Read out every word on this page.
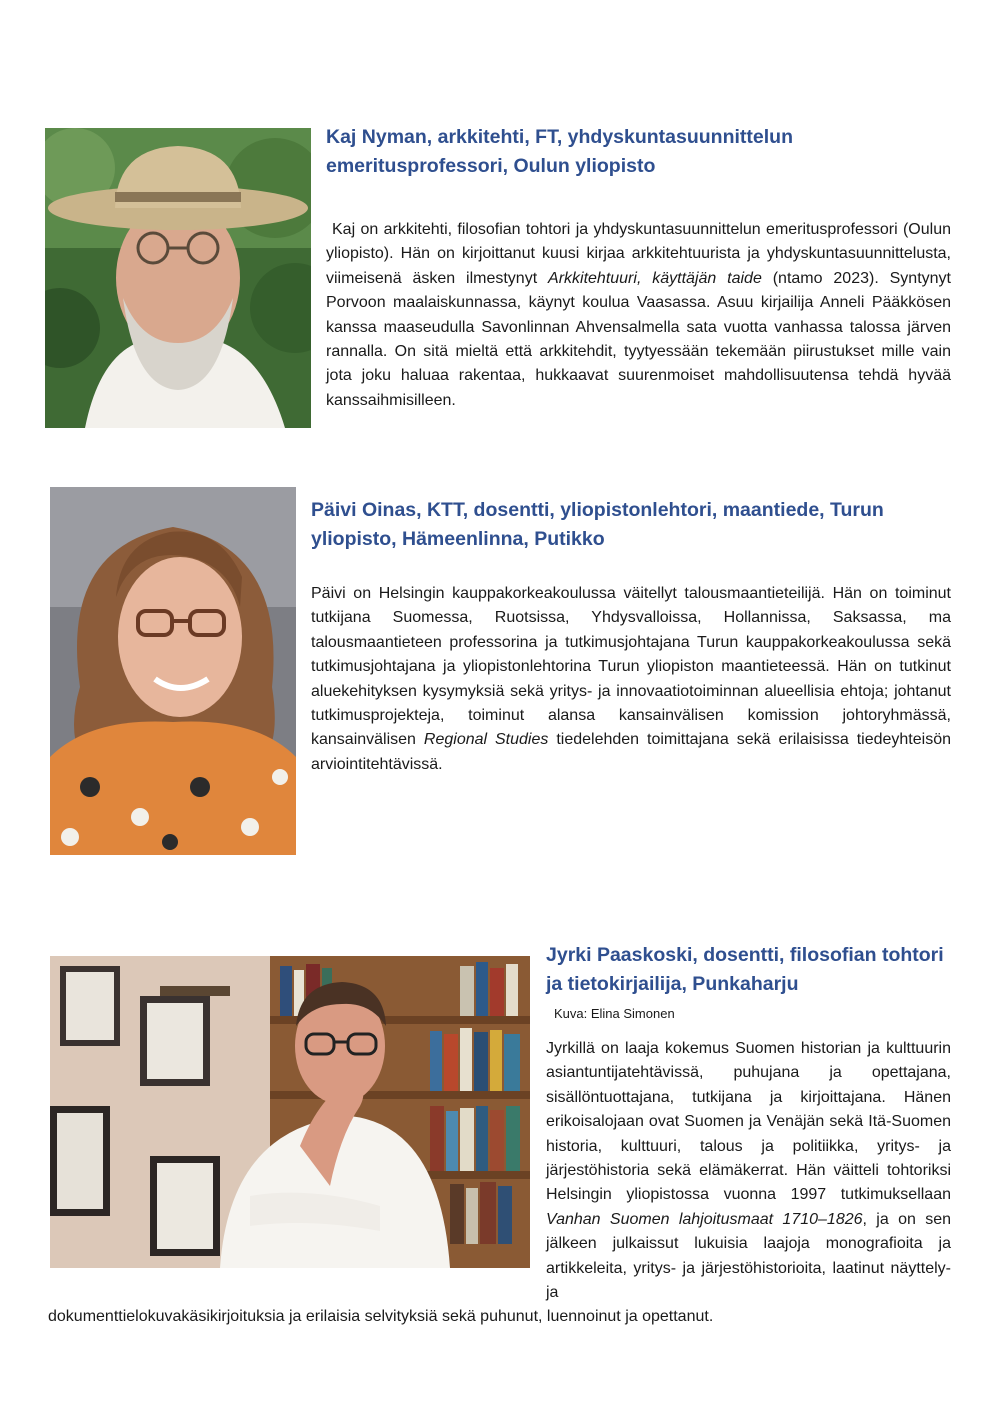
Kaj Nyman, arkkitehti, FT, yhdyskuntasuunnittelun emeritusprofessori, Oulun yliopisto

Kaj on arkkitehti, filosofian tohtori ja yhdyskuntasuunnittelun emeritusprofessori (Oulun yliopisto). Hän on kirjoittanut kuusi kirjaa arkkitehtuurista ja yhdyskuntasuunnittelusta, viimeisenä äsken ilmestynyt Arkkitehtuuri, käyttäjän taide (ntamo 2023). Syntynyt Porvoon maalaiskunnassa, käynyt koulua Vaasassa. Asuu kirjailija Anneli Pääkkösen kanssa maaseudulla Savonlinnan Ahvensalmella sata vuotta vanhassa talossa järven rannalla. On sitä mieltä että arkkitehdit, tyytyessään tekemään piirustukset mille vain jota joku haluaa rakentaa, hukkaavat suurenmoiset mahdollisuutensa tehdä hyvää kanssaihmisilleen.

Päivi Oinas, KTT, dosentti, yliopistonlehtori, maantiede, Turun yliopisto, Hämeenlinna, Putikko

Päivi on Helsingin kauppakorkeakoulussa väitellyt talousmaantieteilijä. Hän on toiminut tutkijana Suomessa, Ruotsissa, Yhdysvalloissa, Hollannissa, Saksassa, ma talousmaantieteen professorina ja tutkimusjohtajana Turun kauppakorkeakoulussa sekä tutkimusjohtajana ja yliopistonlehtorina Turun yliopiston maantieteessä. Hän on tutkinut aluekehityksen kysymyksiä sekä yritys- ja innovaatiotoiminnan alueellisia ehtoja; johtanut tutkimusprojekteja, toiminut alansa kansainvälisen komission johtoryhmässä, kansainvälisen Regional Studies tiedelehden toimittajana sekä erilaisissa tiedeyhteisön arviointitehtävissä.

Jyrki Paaskoski, dosentti, filosofian tohtori ja tietokirjailija, Punkaharju

Kuva: Elina Simonen

Jyrkillä on laaja kokemus Suomen historian ja kulttuurin asiantuntijatehtävissä, puhujana ja opettajana, sisällöntuottajana, tutkijana ja kirjoittajana. Hänen erikoisalojaan ovat Suomen ja Venäjän sekä Itä-Suomen historia, kulttuuri, talous ja politiikka, yritys- ja järjestöhistoria sekä elämäkerrat. Hän väitteli tohtoriksi Helsingin yliopistossa vuonna 1997 tutkimuksellaan Vanhan Suomen lahjoitusmaat 1710–1826, ja on sen jälkeen julkaissut lukuisia laajoja monografioita ja artikkeleita, yritys- ja järjestöhistorioita, laatinut näyttely- ja

dokumenttielokuvakäsikirjoituksia ja erilaisia selvityksiä sekä puhunut, luennoinut ja opettanut.
